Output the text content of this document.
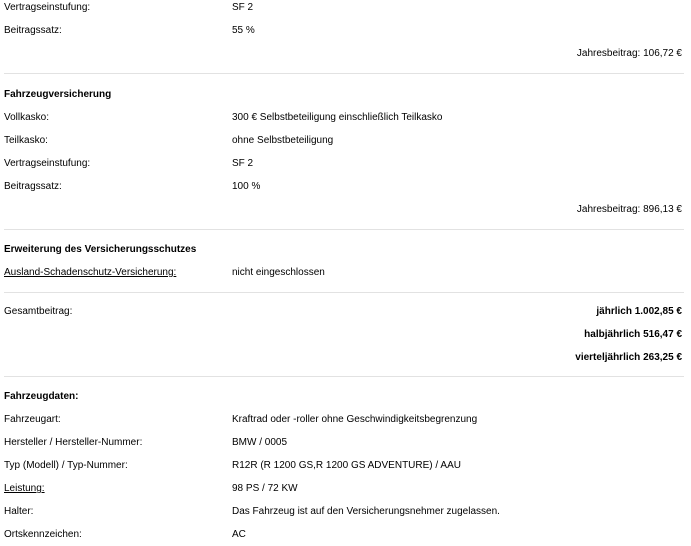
Vertragseinstufung:	SF 2
Beitragssatz:	55 %
Jahresbeitrag: 106,72 €
Fahrzeugversicherung
Vollkasko:	300 € Selbstbeteiligung einschließlich Teilkasko
Teilkasko:	ohne Selbstbeteiligung
Vertragseinstufung:	SF 2
Beitragssatz:	100 %
Jahresbeitrag: 896,13 €
Erweiterung des Versicherungsschutzes
Ausland-Schadenschutz-Versicherung:	nicht eingeschlossen
Gesamtbeitrag:	jährlich 1.002,85 €
halbjährlich 516,47 €
vierteljährlich 263,25 €
Fahrzeugdaten:
Fahrzeugart:	Kraftrad oder -roller ohne Geschwindigkeitsbegrenzung
Hersteller / Hersteller-Nummer:	BMW / 0005
Typ (Modell) / Typ-Nummer:	R12R (R 1200 GS,R 1200 GS ADVENTURE) / AAU
Leistung:	98 PS / 72 KW
Halter:	Das Fahrzeug ist auf den Versicherungsnehmer zugelassen.
Ortskennzeichen:	AC
